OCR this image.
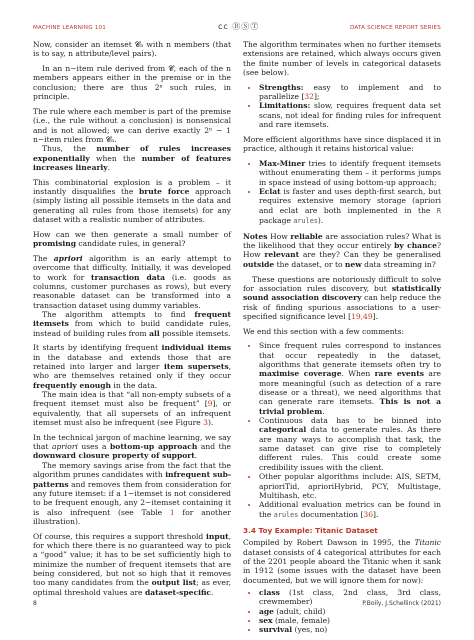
MACHINE LEARNING 101	cc ⒷⓈⓉ	DATA SCIENCE REPORT SERIES

Now, consider an itemset 𝓒ₙ with n members (that is to say, n attribute/level pairs).

In an n−item rule derived from 𝓒, each of the n members appears either in the premise or in the conclusion; there are thus 2ⁿ such rules, in principle.

The rule where each member is part of the premise (i.e., the rule without a conclusion) is nonsensical and is not allowed; we can derive exactly 2ⁿ − 1 n−item rules from 𝓒ₙ.

Thus, the number of rules increases exponentially when the number of features increases linearly.

This combinatorial explosion is a problem – it instantly disqualifies the brute force approach (simply listing all possible itemsets in the data and generating all rules from those itemsets) for any dataset with a realistic number of attributes.

How can we then generate a small number of promising candidate rules, in general?

The apriori algorithm is an early attempt to overcome that difficulty. Initially, it was developed to work for transaction data (i.e. goods as columns, customer purchases as rows), but every reasonable dataset can be transformed into a transaction dataset using dummy variables.

The algorithm attempts to find frequent itemsets from which to build candidate rules, instead of building rules from all possible itemsets.

It starts by identifying frequent individual items in the database and extends those that are retained into larger and larger item supersets, who are themselves retained only if they occur frequently enough in the data.

The main idea is that “all non-empty subsets of a frequent itemset must also be frequent” [9], or equivalently, that all supersets of an infrequent itemset must also be infrequent (see Figure 3).

In the technical jargon of machine learning, we say that apriori uses a bottom-up approach and the downward closure property of support.

The memory savings arise from the fact that the algorithm prunes candidates with infrequent sub-patterns and removes them from consideration for any future itemset: if a 1−itemset is not considered to be frequent enough, any 2−itemset containing it is also infrequent (see Table 1 for another illustration).

Of course, this requires a support threshold input, for which there there is no guaranteed way to pick a “good” value; it has to be set sufficiently high to minimize the number of frequent itemsets that are being considered, but not so high that it removes too many candidates from the output list; as ever, optimal threshold values are dataset-specific.

The algorithm terminates when no further itemsets extensions are retained, which always occurs given the finite number of levels in categorical datasets (see below).

• Strengths: easy to implement and to parallelize [32];
• Limitations: slow, requires frequent data set scans, not ideal for finding rules for infrequent and rare itemsets.

More efficient algorithms have since displaced it in practice, although it retains historical value:

• Max-Miner tries to identify frequent itemsets without enumerating them – it performs jumps in space instead of using bottom-up approach;
• Eclat is faster and uses depth-first search, but requires extensive memory storage (apriori and eclat are both implemented in the R package arules).

Notes How reliable are association rules? What is the likelihood that they occur entirely by chance? How relevant are they? Can they be generalised outside the dataset, or to new data streaming in?

These questions are notoriously difficult to solve for association rules discovery, but statistically sound association discovery can help reduce the risk of finding spurious associations to a user-specified significance level [19,49].

We end this section with a few comments:

• Since frequent rules correspond to instances that occur repeatedly in the dataset, algorithms that generate itemsets often try to maximise coverage. When rare events are more meaningful (such as detection of a rare disease or a threat), we need algorithms that can generate rare itemsets. This is not a trivial problem.
• Continuous data has to be binned into categorical data to generate rules. As there are many ways to accomplish that task, the same dataset can give rise to completely different rules. This could create some credibility issues with the client.
• Other popular algorithms include: AIS, SETM, aprioriTid, aprioriHybrid, PCY, Multistage, Multihash, etc.
• Additional evaluation metrics can be found in the arules documentation [36].
3.4 Toy Example: Titanic Dataset

Compiled by Robert Dawson in 1995, the Titanic dataset consists of 4 categorical attributes for each of the 2201 people aboard the Titanic when it sank in 1912 (some issues with the dataset have been documented, but we will ignore them for now):

• class (1st class, 2nd class, 3rd class, crewmember)
• age (adult, child)
• sex (male, female)
• survival (yes, no)
8	P.Boily, J.Schellinck (2021)
